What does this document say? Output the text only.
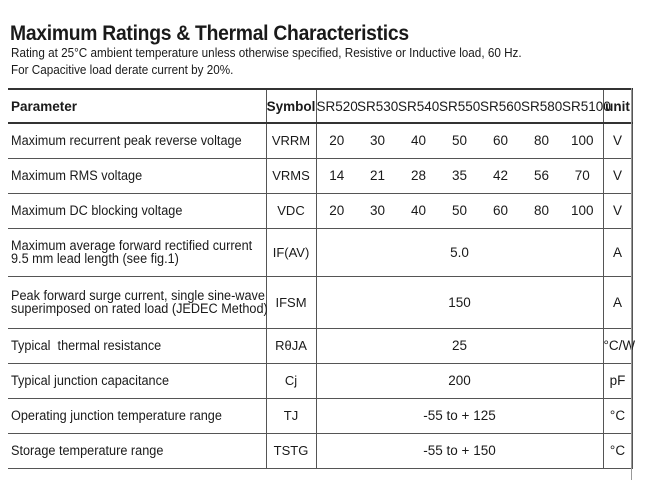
Maximum Ratings & Thermal Characteristics
Rating at 25°C ambient temperature unless otherwise specified, Resistive or Inductive load, 60 Hz.
For Capacitive load derate current by 20%.
Parameter	Symbol	SR520	SR530	SR540	SR550	SR560	SR580	SR5100	unit
Maximum recurrent peak reverse voltage	VRRM	20	30	40	50	60	80	100	V
Maximum RMS voltage	VRMS	14	21	28	35	42	56	70	V
Maximum DC blocking voltage	VDC	20	30	40	50	60	80	100	V
Maximum average forward rectified current
9.5 mm lead length (see fig.1)	IF(AV)	5.0							A
Peak forward surge current, single sine-wave
superimposed on rated load (JEDEC Method)	IFSM	150							A
Typical  thermal resistance	RθJA	25							°C/W
Typical junction capacitance	Cj	200							pF
Operating junction temperature range	TJ	-55 to + 125							°C
Storage temperature range	TSTG	-55 to + 150							°C
